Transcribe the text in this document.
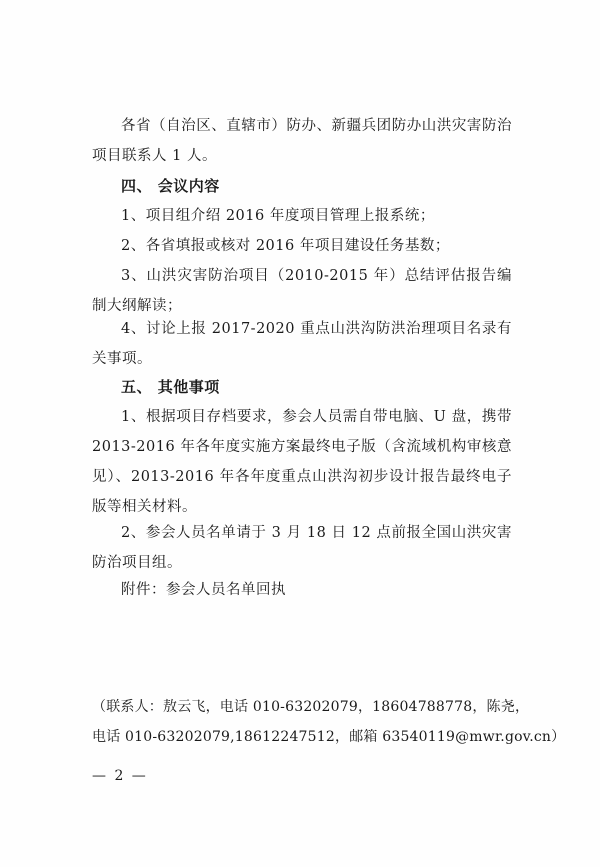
各省（自治区、直辖市）防办、新疆兵团防办山洪灾害防治项目联系人 1 人。

四、 会议内容

1、项目组介绍 2016 年度项目管理上报系统；

2、各省填报或核对 2016 年项目建设任务基数；

3、山洪灾害防治项目（2010-2015 年）总结评估报告编制大纲解读；

4、讨论上报 2017-2020 重点山洪沟防洪治理项目名录有关事项。

五、 其他事项

1、根据项目存档要求，参会人员需自带电脑、U 盘，携带 2013-2016 年各年度实施方案最终电子版（含流域机构审核意见）、2013-2016 年各年度重点山洪沟初步设计报告最终电子版等相关材料。

2、参会人员名单请于 3 月 18 日 12 点前报全国山洪灾害防治项目组。

附件：参会人员名单回执

（联系人：敖云飞，电话 010-63202079，18604788778，陈尧，

电话 010-63202079,18612247512，邮箱 63540119@mwr.gov.cn）

— 2 —
